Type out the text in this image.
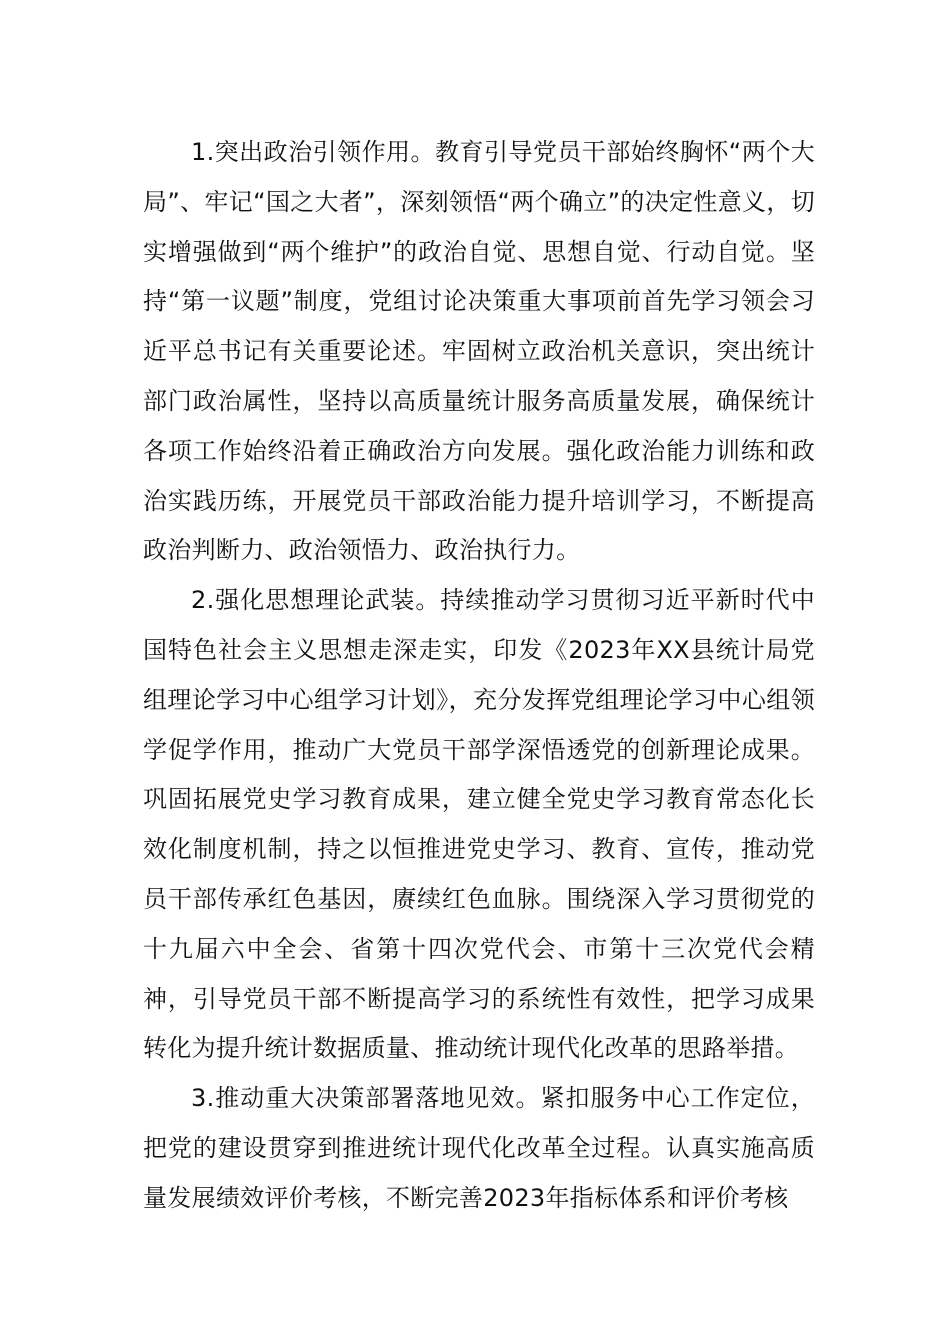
1.突出政治引领作用。教育引导党员干部始终胸怀“两个大局”、牢记“国之大者”，深刻领悟“两个确立”的决定性意义，切实增强做到“两个维护”的政治自觉、思想自觉、行动自觉。坚持“第一议题”制度，党组讨论决策重大事项前首先学习领会习近平总书记有关重要论述。牢固树立政治机关意识，突出统计部门政治属性，坚持以高质量统计服务高质量发展，确保统计各项工作始终沿着正确政治方向发展。强化政治能力训练和政治实践历练，开展党员干部政治能力提升培训学习，不断提高政治判断力、政治领悟力、政治执行力。

2.强化思想理论武装。持续推动学习贯彻习近平新时代中国特色社会主义思想走深走实，印发《2023年XX县统计局党组理论学习中心组学习计划》，充分发挥党组理论学习中心组领学促学作用，推动广大党员干部学深悟透党的创新理论成果。巩固拓展党史学习教育成果，建立健全党史学习教育常态化长效化制度机制，持之以恒推进党史学习、教育、宣传，推动党员干部传承红色基因，赓续红色血脉。围绕深入学习贯彻党的十九届六中全会、省第十四次党代会、市第十三次党代会精神，引导党员干部不断提高学习的系统性有效性，把学习成果转化为提升统计数据质量、推动统计现代化改革的思路举措。

3.推动重大决策部署落地见效。紧扣服务中心工作定位，把党的建设贯穿到推进统计现代化改革全过程。认真实施高质量发展绩效评价考核，不断完善2023年指标体系和评价考核
